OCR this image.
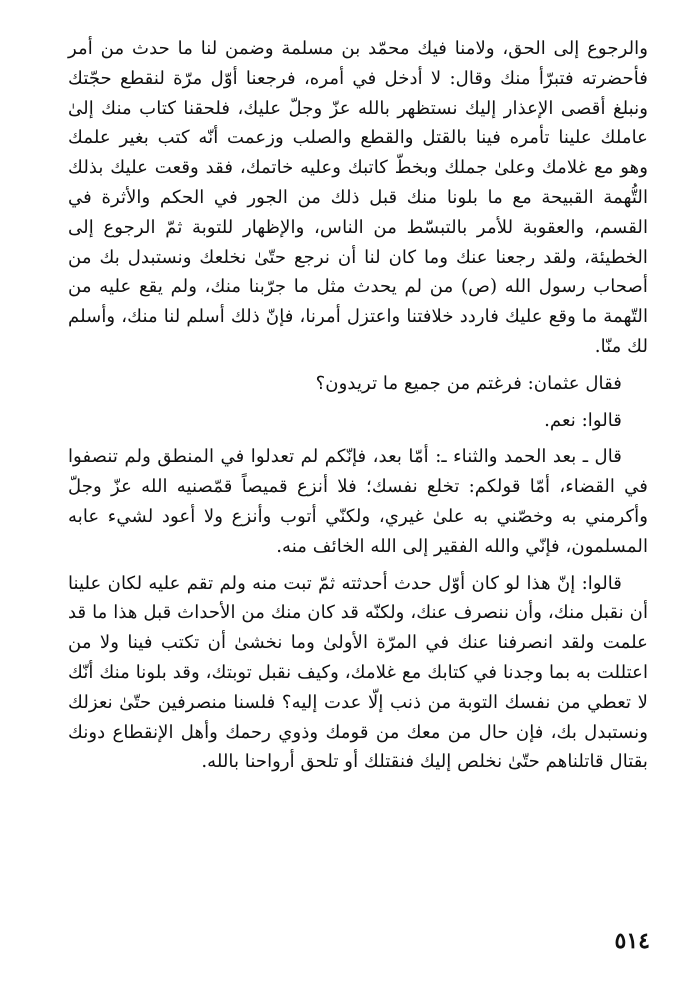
والرجوع إلى الحق، ولامنا فيك محمّد بن مسلمة وضمن لنا ما حدث من أمر فأحضرته فتبرّأ منك وقال: لا أدخل في أمره، فرجعنا أوّل مرّة لنقطع حجّتك ونبلغ أقصى الإعذار إليك نستظهر بالله عزّ وجلّ عليك، فلحقنا كتاب منك إلىٰ عاملك علينا تأمره فينا بالقتل والقطع والصلب وزعمت أنّه كتب بغير علمك وهو مع غلامك وعلىٰ جملك وبخطّ كاتبك وعليه خاتمك، فقد وقعت عليك بذلك التُّهمة القبيحة مع ما بلونا منك قبل ذلك من الجور في الحكم والأثرة في القسم، والعقوبة للأمر بالتبسّط من الناس، والإظهار للتوبة ثمّ الرجوع إلى الخطيئة، ولقد رجعنا عنك وما كان لنا أن نرجع حتّىٰ نخلعك ونستبدل بك من أصحاب رسول الله (ص) من لم يحدث مثل ما جرّبنا منك، ولم يقع عليه من التّهمة ما وقع عليك فاردد خلافتنا واعتزل أمرنا، فإنّ ذلك أسلم لنا منك، وأسلم لك منّا.

فقال عثمان: فرغتم من جميع ما تريدون؟

قالوا: نعم.

قال ـ بعد الحمد والثناء ـ: أمّا بعد، فإنّكم لم تعدلوا في المنطق ولم تنصفوا في القضاء، أمّا قولكم: تخلع نفسك؛ فلا أنزع قميصاً قمّصنيه الله عزّ وجلّ وأكرمني به وخصّني به علىٰ غيري، ولكنّي أتوب وأنزع ولا أعود لشيء عابه المسلمون، فإنّي والله الفقير إلى الله الخائف منه.

قالوا: إنّ هذا لو كان أوّل حدث أحدثته ثمّ تبت منه ولم تقم عليه لكان علينا أن نقبل منك، وأن ننصرف عنك، ولكنّه قد كان منك من الأحداث قبل هذا ما قد علمت ولقد انصرفنا عنك في المرّة الأولىٰ وما نخشىٰ أن تكتب فينا ولا من اعتللت به بما وجدنا في كتابك مع غلامك، وكيف نقبل توبتك، وقد بلونا منك أنّك لا تعطي من نفسك التوبة من ذنب إلّا عدت إليه؟ فلسنا منصرفين حتّىٰ نعزلك ونستبدل بك، فإن حال من معك من قومك وذوي رحمك وأهل الإنقطاع دونك بقتال قاتلناهم حتّىٰ نخلص إليك فنقتلك أو تلحق أرواحنا بالله.

٥١٤
